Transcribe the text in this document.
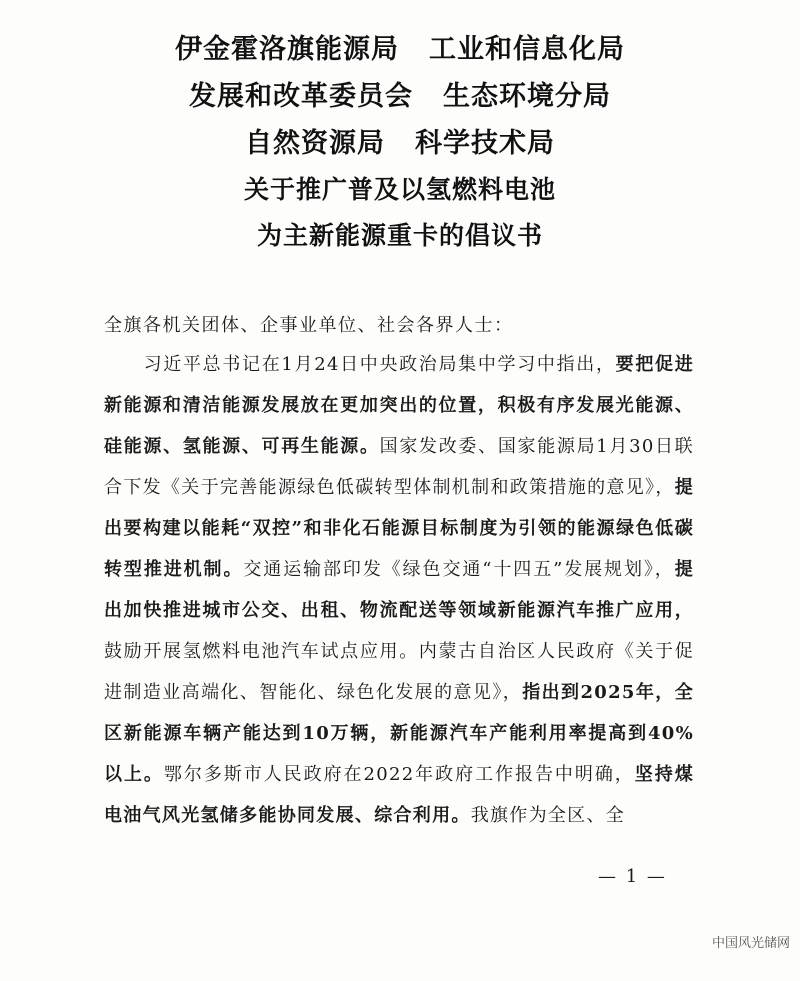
伊金霍洛旗能源局 工业和信息化局
发展和改革委员会 生态环境分局
自然资源局 科学技术局
关于推广普及以氢燃料电池
为主新能源重卡的倡议书
全旗各机关团体、企事业单位、社会各界人士：
习近平总书记在1月24日中央政治局集中学习中指出，要把促进新能源和清洁能源发展放在更加突出的位置，积极有序发展光能源、硅能源、氢能源、可再生能源。国家发改委、国家能源局1月30日联合下发《关于完善能源绿色低碳转型体制机制和政策措施的意见》，提出要构建以能耗“双控”和非化石能源目标制度为引领的能源绿色低碳转型推进机制。交通运输部印发《绿色交通“十四五”发展规划》，提出加快推进城市公交、出租、物流配送等领域新能源汽车推广应用，鼓励开展氢燃料电池汽车试点应用。内蒙古自治区人民政府《关于促进制造业高端化、智能化、绿色化发展的意见》，指出到2025年，全区新能源车辆产能达到10万辆，新能源汽车产能利用率提高到40%以上。鄂尔多斯市人民政府在2022年政府工作报告中明确，坚持煤电油气风光氢储多能协同发展、综合利用。我旗作为全区、全
— 1 —
中国风光储网
